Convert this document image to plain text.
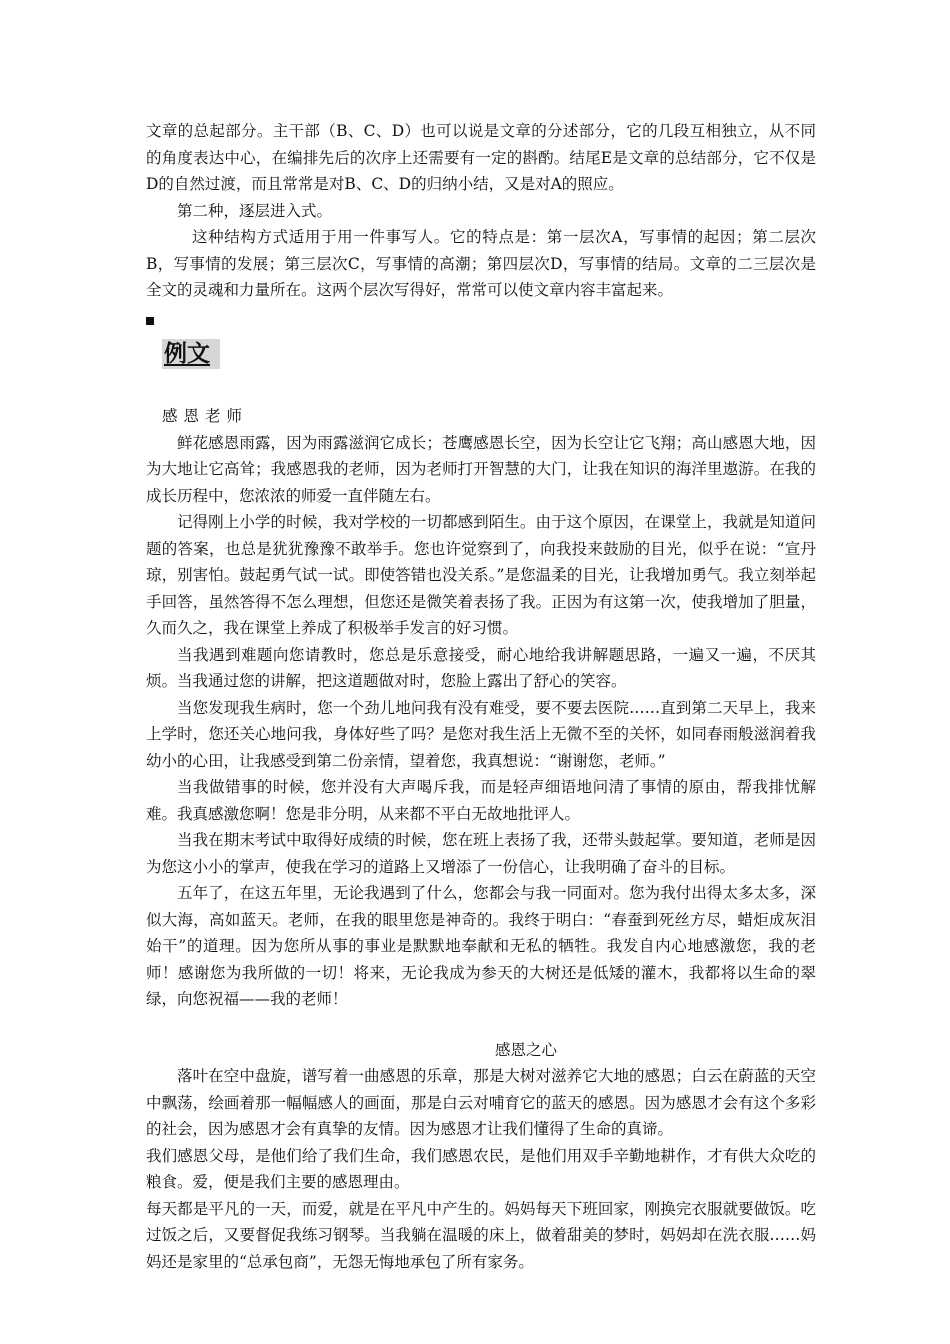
文章的总起部分。主干部（B、C、D）也可以说是文章的分述部分，它的几段互相独立，从不同的角度表达中心，在编排先后的次序上还需要有一定的斟酌。结尾E是文章的总结部分，它不仅是D的自然过渡，而且常常是对B、C、D的归纳小结，又是对A的照应。

第二种，逐层进入式。

这种结构方式适用于用一件事写人。它的特点是：第一层次A，写事情的起因；第二层次B，写事情的发展；第三层次C，写事情的高潮；第四层次D，写事情的结局。文章的二三层次是全文的灵魂和力量所在。这两个层次写得好，常常可以使文章内容丰富起来。

例文

感恩老师

鲜花感恩雨露，因为雨露滋润它成长；苍鹰感恩长空，因为长空让它飞翔；高山感恩大地，因为大地让它高耸；我感恩我的老师，因为老师打开智慧的大门，让我在知识的海洋里遨游。在我的成长历程中，您浓浓的师爱一直伴随左右。

记得刚上小学的时候，我对学校的一切都感到陌生。由于这个原因，在课堂上，我就是知道问题的答案，也总是犹犹豫豫不敢举手。您也许觉察到了，向我投来鼓励的目光，似乎在说：“宣丹琼，别害怕。鼓起勇气试一试。即使答错也没关系。”是您温柔的目光，让我增加勇气。我立刻举起手回答，虽然答得不怎么理想，但您还是微笑着表扬了我。正因为有这第一次，使我增加了胆量，久而久之，我在课堂上养成了积极举手发言的好习惯。

当我遇到难题向您请教时，您总是乐意接受，耐心地给我讲解题思路，一遍又一遍，不厌其烦。当我通过您的讲解，把这道题做对时，您脸上露出了舒心的笑容。

当您发现我生病时，您一个劲儿地问我有没有难受，要不要去医院……直到第二天早上，我来上学时，您还关心地问我，身体好些了吗？是您对我生活上无微不至的关怀，如同春雨般滋润着我幼小的心田，让我感受到第二份亲情，望着您，我真想说：“谢谢您，老师。”

当我做错事的时候，您并没有大声喝斥我，而是轻声细语地问清了事情的原由，帮我排忧解难。我真感激您啊！您是非分明，从来都不平白无故地批评人。

当我在期末考试中取得好成绩的时候，您在班上表扬了我，还带头鼓起掌。要知道，老师是因为您这小小的掌声，使我在学习的道路上又增添了一份信心，让我明确了奋斗的目标。

五年了，在这五年里，无论我遇到了什么，您都会与我一同面对。您为我付出得太多太多，深似大海，高如蓝天。老师，在我的眼里您是神奇的。我终于明白：“春蚕到死丝方尽，蜡炬成灰泪始干”的道理。因为您所从事的事业是默默地奉献和无私的牺牲。我发自内心地感激您，我的老师！感谢您为我所做的一切！将来，无论我成为参天的大树还是低矮的灌木，我都将以生命的翠绿，向您祝福——我的老师！

感恩之心

落叶在空中盘旋，谱写着一曲感恩的乐章，那是大树对滋养它大地的感恩；白云在蔚蓝的天空中飘荡，绘画着那一幅幅感人的画面，那是白云对哺育它的蓝天的感恩。因为感恩才会有这个多彩的社会，因为感恩才会有真挚的友情。因为感恩才让我们懂得了生命的真谛。

我们感恩父母，是他们给了我们生命，我们感恩农民，是他们用双手辛勤地耕作，才有供大众吃的粮食。爱，便是我们主要的感恩理由。

每天都是平凡的一天，而爱，就是在平凡中产生的。妈妈每天下班回家，刚换完衣服就要做饭。吃过饭之后，又要督促我练习钢琴。当我躺在温暖的床上，做着甜美的梦时，妈妈却在洗衣服……妈妈还是家里的“总承包商”，无怨无悔地承包了所有家务。
